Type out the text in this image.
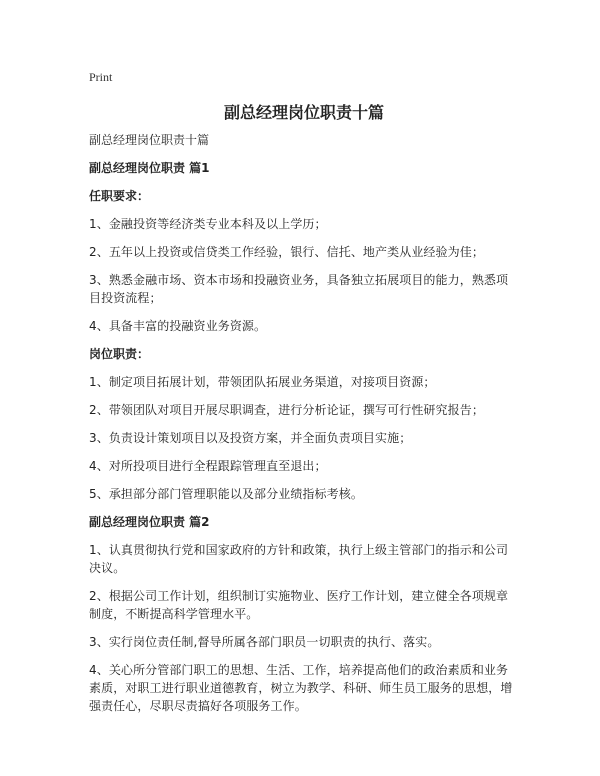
Print
副总经理岗位职责十篇

副总经理岗位职责十篇

副总经理岗位职责 篇1

任职要求：

1、金融投资等经济类专业本科及以上学历；

2、五年以上投资或信贷类工作经验，银行、信托、地产类从业经验为佳；

3、熟悉金融市场、资本市场和投融资业务，具备独立拓展项目的能力，熟悉项目投资流程；

4、具备丰富的投融资业务资源。

岗位职责：

1、制定项目拓展计划，带领团队拓展业务渠道，对接项目资源；

2、带领团队对项目开展尽职调查，进行分析论证，撰写可行性研究报告；

3、负责设计策划项目以及投资方案，并全面负责项目实施；

4、对所投项目进行全程跟踪管理直至退出；

5、承担部分部门管理职能以及部分业绩指标考核。

副总经理岗位职责 篇2

1、认真贯彻执行党和国家政府的方针和政策，执行上级主管部门的指示和公司决议。

2、根据公司工作计划，组织制订实施物业、医疗工作计划，建立健全各项规章制度，不断提高科学管理水平。

3、实行岗位责任制,督导所属各部门职员一切职责的执行、落实。

4、关心所分管部门职工的思想、生活、工作，培养提高他们的政治素质和业务素质，对职工进行职业道德教育，树立为教学、科研、师生员工服务的思想，增强责任心，尽职尽责搞好各项服务工作。
